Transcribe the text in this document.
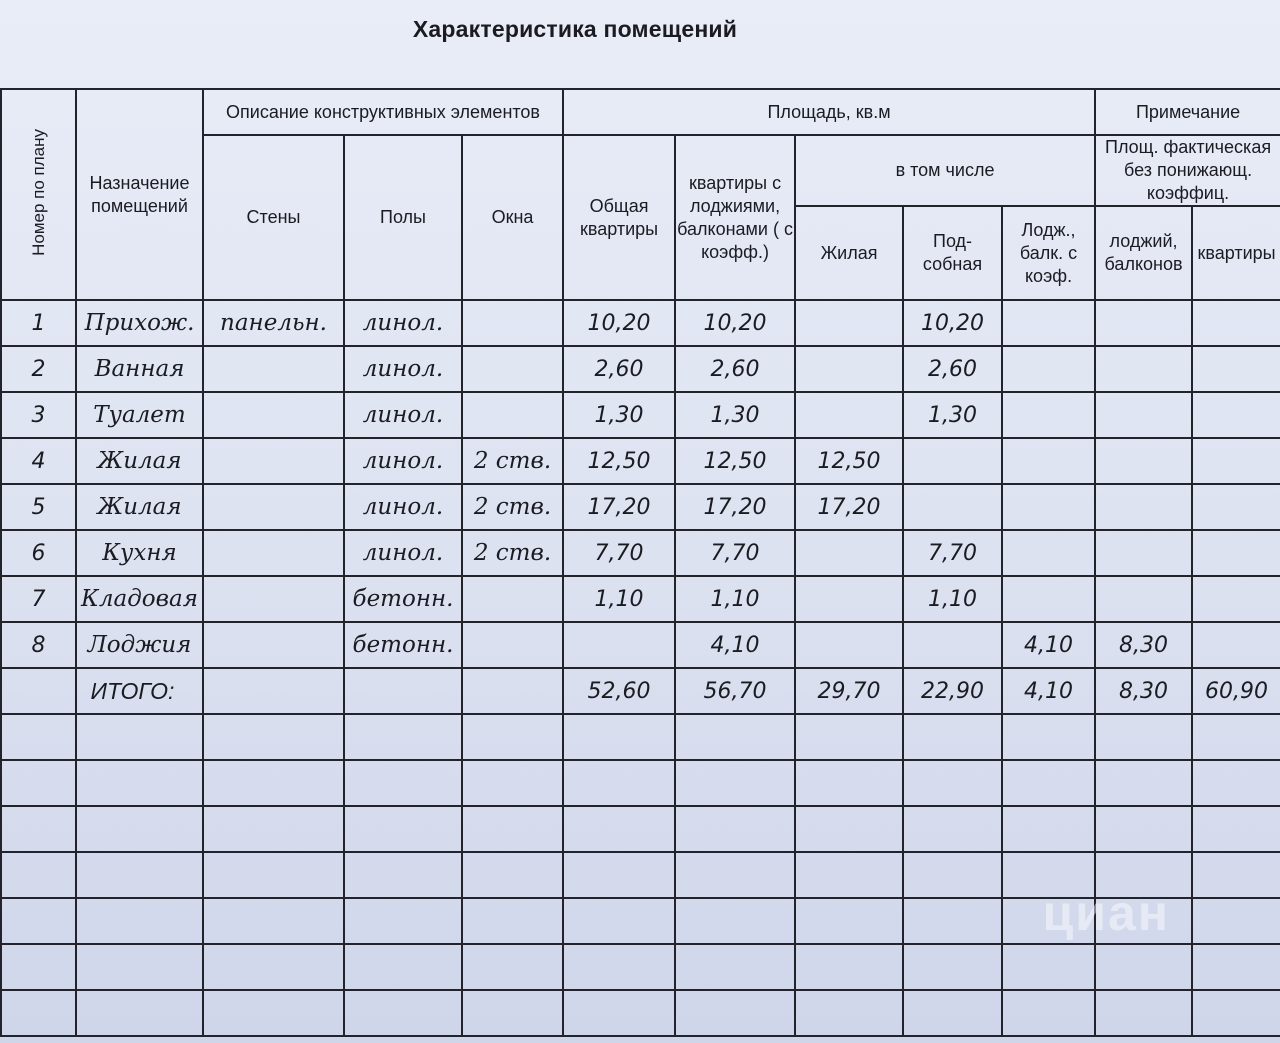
Характеристика помещений
Номер по плану	Назначение помещений	Описание конструктивных элементов			Площадь, кв.м					Примечание	
		Стены	Полы	Окна	Общая квартиры	квартиры с лоджиями, балконами ( с коэфф.)	в том числе			Площ. фактическая без понижающ. коэффиц.	
							Жилая	Под-собная	Лодж., балк. с коэф.	лоджий, балконов	квартиры
1	Прихож.	панельн.	линол.		10,20	10,20		10,20			
2	Ванная		линол.		2,60	2,60		2,60			
3	Туалет		линол.		1,30	1,30		1,30			
4	Жилая		линол.	2 ств.	12,50	12,50	12,50				
5	Жилая		линол.	2 ств.	17,20	17,20	17,20				
6	Кухня		линол.	2 ств.	7,70	7,70		7,70			
7	Кладовая		бетонн.		1,10	1,10		1,10			
8	Лоджия		бетонн.			4,10			4,10	8,30	
	ИТОГО:				52,60	56,70	29,70	22,90	4,10	8,30	60,90

циан
